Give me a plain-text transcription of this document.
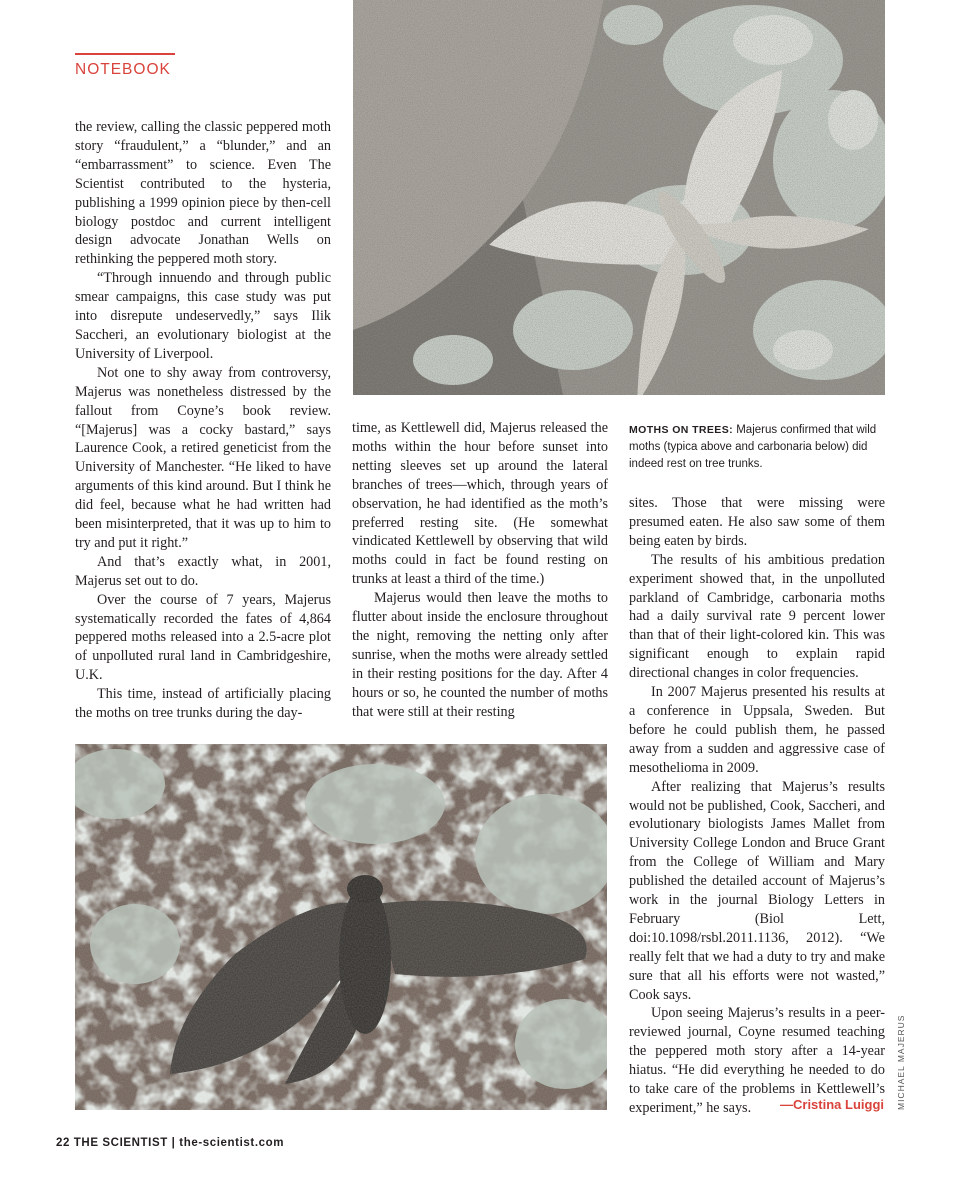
NOTEBOOK

the review, calling the classic peppered moth story “fraudulent,” a “blunder,” and an “embarrassment” to science. Even The Scientist contributed to the hysteria, publishing a 1999 opinion piece by then-cell biology postdoc and current intelligent design advocate Jonathan Wells on rethinking the peppered moth story.

“Through innuendo and through public smear campaigns, this case study was put into disrepute undeservedly,” says Ilik Saccheri, an evolutionary biologist at the University of Liverpool.

Not one to shy away from controversy, Majerus was nonetheless distressed by the fallout from Coyne’s book review. “[Majerus] was a cocky bastard,” says Laurence Cook, a retired geneticist from the University of Manchester. “He liked to have arguments of this kind around. But I think he did feel, because what he had written had been misinterpreted, that it was up to him to try and put it right.”

And that’s exactly what, in 2001, Majerus set out to do.

Over the course of 7 years, Majerus systematically recorded the fates of 4,864 peppered moths released into a 2.5-acre plot of unpolluted rural land in Cambridgeshire, U.K.

This time, instead of artificially placing the moths on tree trunks during the day-

time, as Kettlewell did, Majerus released the moths within the hour before sunset into netting sleeves set up around the lateral branches of trees—which, through years of observation, he had identified as the moth’s preferred resting site. (He somewhat vindicated Kettlewell by observing that wild moths could in fact be found resting on trunks at least a third of the time.)

Majerus would then leave the moths to flutter about inside the enclosure throughout the night, removing the netting only after sunrise, when the moths were already settled in their resting positions for the day. After 4 hours or so, he counted the number of moths that were still at their resting

MOTHS ON TREES: Majerus confirmed that wild moths (typica above and carbonaria below) did indeed rest on tree trunks.

sites. Those that were missing were presumed eaten. He also saw some of them being eaten by birds.

The results of his ambitious predation experiment showed that, in the unpolluted parkland of Cambridge, carbonaria moths had a daily survival rate 9 percent lower than that of their light-colored kin. This was significant enough to explain rapid directional changes in color frequencies.

In 2007 Majerus presented his results at a conference in Uppsala, Sweden. But before he could publish them, he passed away from a sudden and aggressive case of mesothelioma in 2009.

After realizing that Majerus’s results would not be published, Cook, Saccheri, and evolutionary biologists James Mallet from University College London and Bruce Grant from the College of William and Mary published the detailed account of Majerus’s work in the journal Biology Letters in February (Biol Lett, doi:10.1098/rsbl.2011.1136, 2012). “We really felt that we had a duty to try and make sure that all his efforts were not wasted,” Cook says.

Upon seeing Majerus’s results in a peer-reviewed journal, Coyne resumed teaching the peppered moth story after a 14-year hiatus. “He did everything he needed to do to take care of the problems in Kettlewell’s experiment,” he says.	—Cristina Luiggi MICHAEL MAJERUS
22 THE SCIENTIST | the-scientist.com
